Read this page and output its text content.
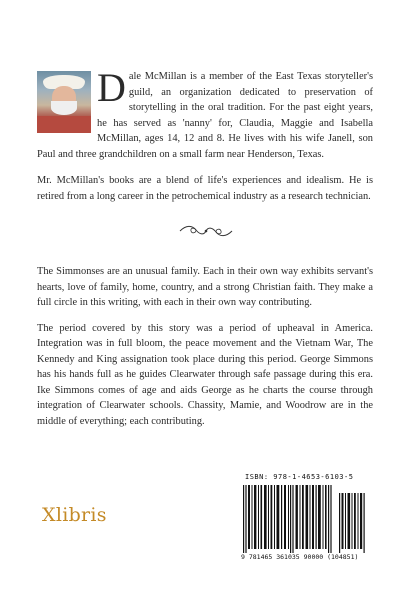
Dale McMillan is a member of the East Texas storyteller's guild, an organization dedicated to preservation of storytelling in the oral tradition. For the past eight years, he has served as 'nanny' for, Claudia, Maggie and Isabella McMillan, ages 14, 12 and 8. He lives with his wife Janell, son Paul and three grandchildren on a small farm near Henderson, Texas.

Mr. McMillan's books are a blend of life's experiences and idealism. He is retired from a long career in the petrochemical industry as a research technician.

The Simmonses are an unusual family. Each in their own way exhibits servant's hearts, love of family, home, country, and a strong Christian faith. They make a full circle in this writing, with each in their own way contributing.

The period covered by this story was a period of upheaval in America. Integration was in full bloom, the peace movement and the Vietnam War, The Kennedy and King assignation took place during this period. George Simmons has his hands full as he guides Clearwater through safe passage during this era. Ike Simmons comes of age and aids George as he charts the course through integration of Clearwater schools. Chassity, Mamie, and Woodrow are in the middle of everything; each contributing.

Xlibris
ISBN: 978-1-4653-6103-5
9 781465 361035 90000 (104851)
